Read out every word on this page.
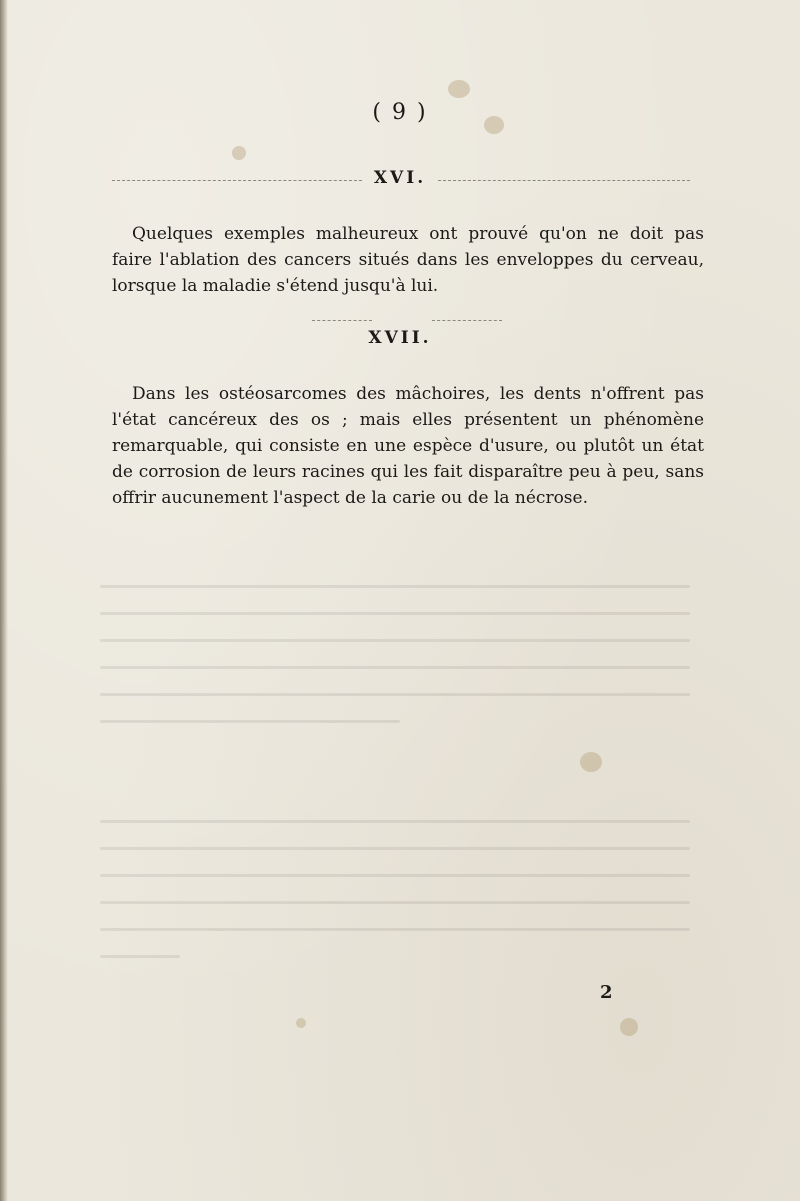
( 9 )
XVI.

Quelques exemples malheureux ont prouvé qu'on ne doit pas faire l'ablation des cancers situés dans les enveloppes du cerveau, lorsque la maladie s'étend jusqu'à lui.

XVII.

Dans les ostéosarcomes des mâchoires, les dents n'offrent pas l'état cancéreux des os ; mais elles présentent un phénomène remarquable, qui consiste en une espèce d'usure, ou plutôt un état de corrosion de leurs racines qui les fait disparaître peu à peu, sans offrir aucunement l'aspect de la carie ou de la nécrose.

2
